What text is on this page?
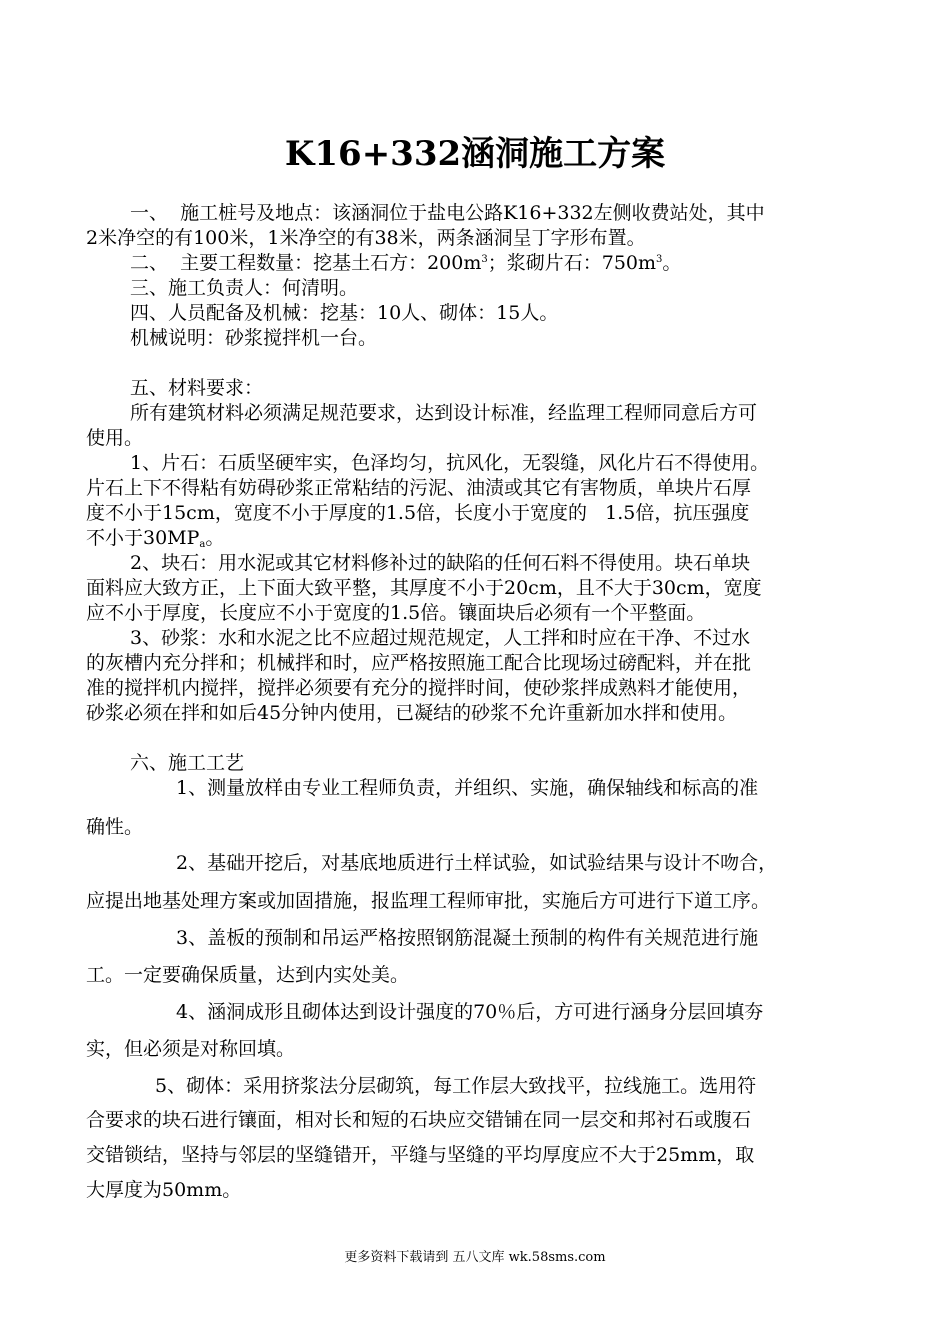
K16+332涵洞施工方案
一、  施工桩号及地点：该涵洞位于盐电公路K16+332左侧收费站处，其中
2米净空的有100米，1米净空的有38米，两条涵洞呈丁字形布置。
二、  主要工程数量：挖基土石方：$200m^3$；浆砌片石：$750m^3$。
三、施工负责人：何清明。
四、人员配备及机械：挖基：10人、砌体：15人。
机械说明：砂浆搅拌机一台。
五、材料要求：
所有建筑材料必须满足规范要求，达到设计标准，经监理工程师同意后方可
使用。
1、片石：石质坚硬牢实，色泽均匀，抗风化，无裂缝，风化片石不得使用。
片石上下不得粘有妨碍砂浆正常粘结的污泥、油渍或其它有害物质，单块片石厚
度不小于15cm，宽度不小于厚度的1.5倍，长度小于宽度的   1.5倍，抗压强度
不小于$30MP_a$。
2、块石：用水泥或其它材料修补过的缺陷的任何石料不得使用。块石单块
面料应大致方正，上下面大致平整，其厚度不小于20cm，且不大于30cm，宽度
应不小于厚度，长度应不小于宽度的1.5倍。镶面块后必须有一个平整面。
3、砂浆：水和水泥之比不应超过规范规定，人工拌和时应在干净、不过水
的灰槽内充分拌和；机械拌和时，应严格按照施工配合比现场过磅配料，并在批
准的搅拌机内搅拌，搅拌必须要有充分的搅拌时间，使砂浆拌成熟料才能使用，
砂浆必须在拌和如后45分钟内使用，已凝结的砂浆不允许重新加水拌和使用。
六、施工工艺
1、测量放样由专业工程师负责，并组织、实施，确保轴线和标高的准
确性。
2、基础开挖后，对基底地质进行土样试验，如试验结果与设计不吻合，
应提出地基处理方案或加固措施，报监理工程师审批，实施后方可进行下道工序。
3、盖板的预制和吊运严格按照钢筋混凝土预制的构件有关规范进行施
工。一定要确保质量，达到内实处美。
4、涵洞成形且砌体达到设计强度的70％后，方可进行涵身分层回填夯
实，但必须是对称回填。
5、砌体：采用挤浆法分层砌筑，每工作层大致找平，拉线施工。选用符
合要求的块石进行镶面，相对长和短的石块应交错铺在同一层交和邦衬石或腹石
交错锁结，坚持与邻层的坚缝错开，平缝与坚缝的平均厚度应不大于25mm，取
大厚度为50mm。
更多资料下载请到 五八文库 wk.58sms.com
